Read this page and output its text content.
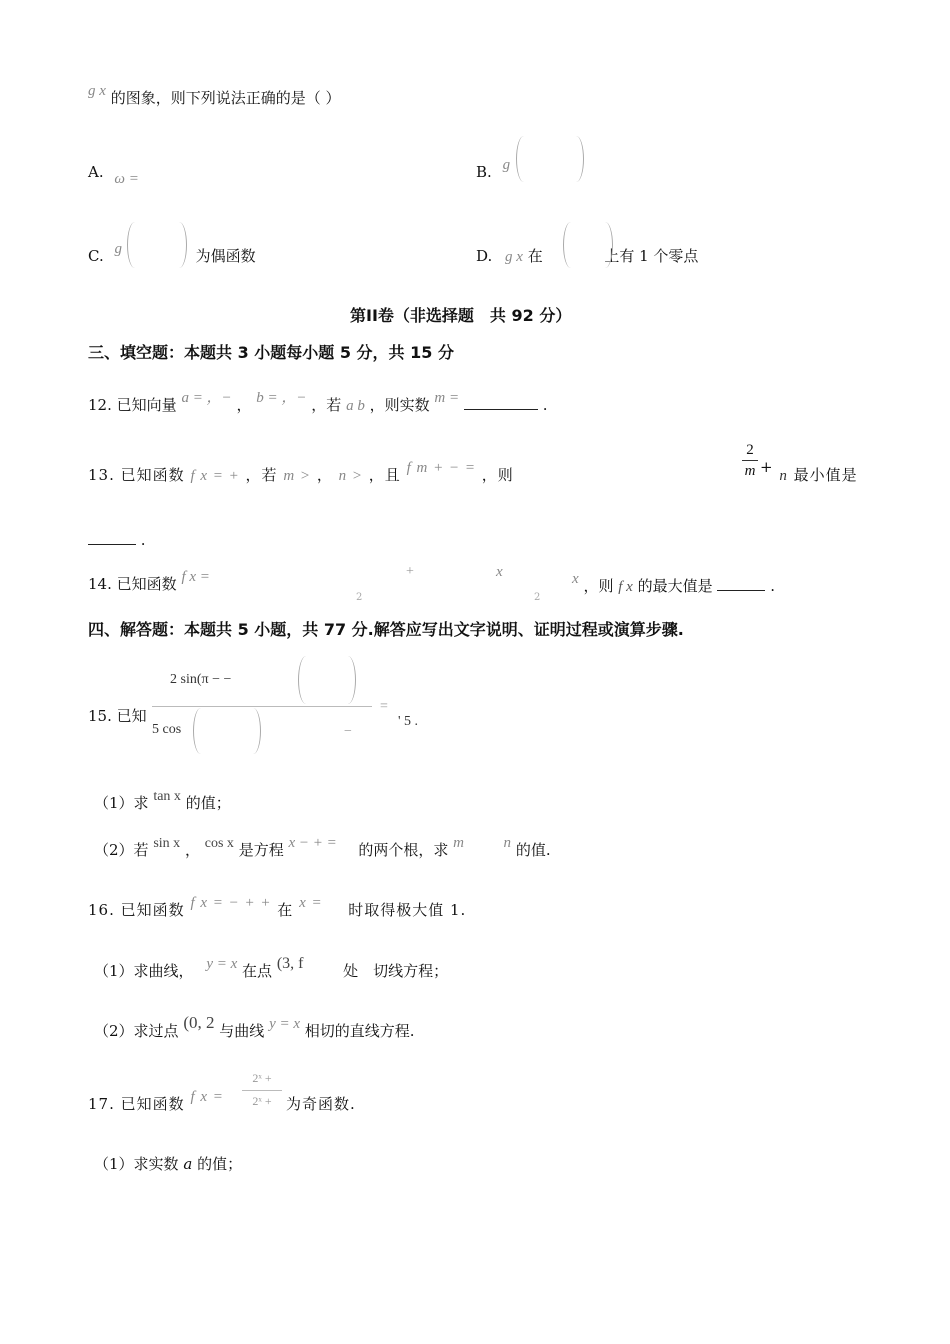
g x 的图象，则下列说法正确的是（ ）
A. ω =	B. g
C. g	为偶函数	D. g x 在	上有 1 个零点
第II卷（非选择题　共 92 分）
三、填空题：本题共 3 小题每小题 5 分，共 15 分
12. 已知向量 a = ，− ， b = ，− ，若 a b ，则实数 m =	.
13. 已知函数 f x = + ，若 m > ， n > ，且 f m + − = ，则	$\frac{2}{m} + n$ 最小值是
.
14. 已知函数 f x =	+	x
2	2
x ，则 f x 的最大值是	.
四、解答题：本题共 5 小题，共 77 分.解答应写出文字说明、证明过程或演算步骤.
15. 已知
2 sin(π − −
5 cos	−
=
' 5 .
（1）求 tan x 的值；
（2）若 sin x ， cos x 是方程 x − + = 的两个根，求 m	n 的值.
16. 已知函数 f x = − + + 在 x = 时取得极大值 1.
（1）求曲线， y = x 在点 (3, f	处　切线方程；
（2）求过点 (0, 2 与曲线 y = x 相切的直线方程.
17. 已知函数 f $x = \frac{\text{2ˣ +}}{\text{2ˣ +}}$ 为奇函数.
（1）求实数 a 的值；
